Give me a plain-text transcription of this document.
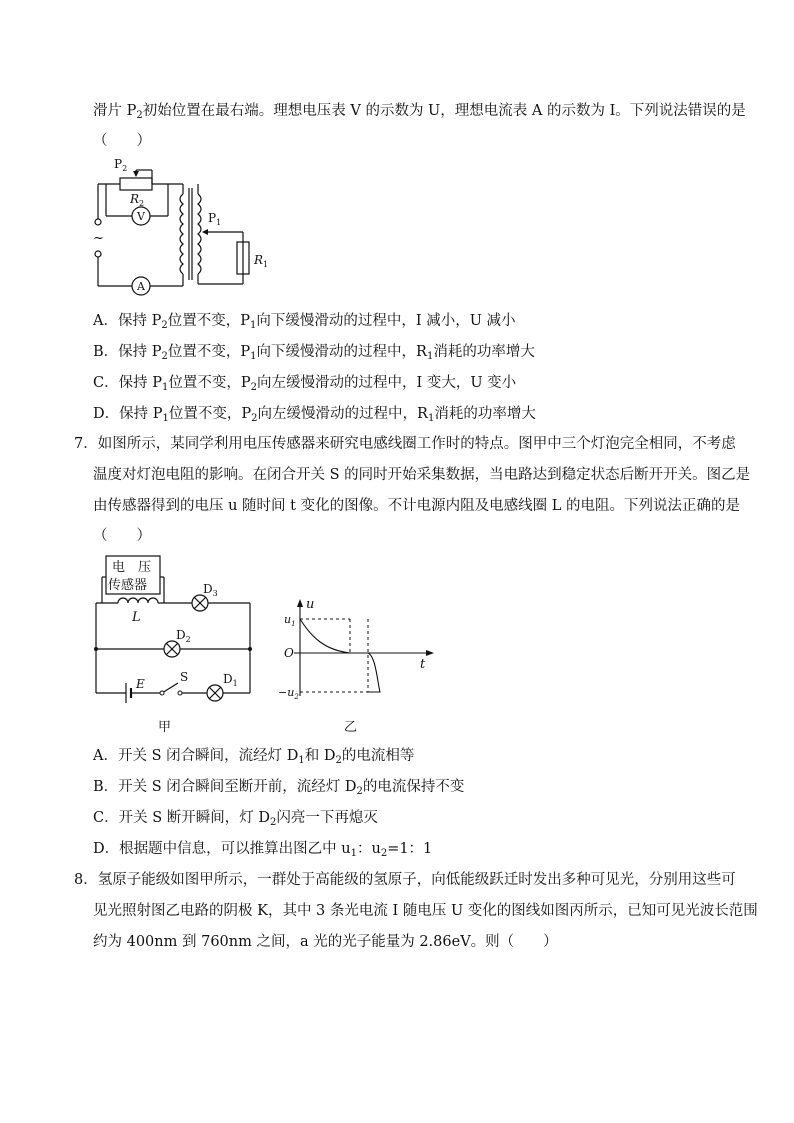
滑片 $P_2$初始位置在最右端。理想电压表 V 的示数为 U，理想电流表 A 的示数为 I。下列说法错误的是
（　　）
$P_2$
$R_2$
V
~
$P_1$
$R_1$
A
A．保持 $P_2$位置不变，$P_1$向下缓慢滑动的过程中，I 减小，U 减小
B．保持 $P_2$位置不变，$P_1$向下缓慢滑动的过程中，$R_1$消耗的功率增大
C．保持 $P_1$位置不变，$P_2$向左缓慢滑动的过程中，I 变大，U 变小
D．保持 $P_1$位置不变，$P_2$向左缓慢滑动的过程中，$R_1$消耗的功率增大
7．如图所示，某同学利用电压传感器来研究电感线圈工作时的特点。图甲中三个灯泡完全相同，不考虑
温度对灯泡电阻的影响。在闭合开关 S 的同时开始采集数据，当电路达到稳定状态后断开开关。图乙是
由传感器得到的电压 u 随时间 t 变化的图像。不计电源内阻及电感线圈 L 的电阻。下列说法正确的是
（　　）
电　压
传感器
L
$D_3$
$D_2$
E	S	$D_1$
甲
u
t
$u_1$
O
$-u_2$
乙
A．开关 S 闭合瞬间，流经灯 $D_1$和 $D_2$的电流相等
B．开关 S 闭合瞬间至断开前，流经灯 $D_2$的电流保持不变
C．开关 S 断开瞬间，灯 $D_2$闪亮一下再熄灭
D．根据题中信息，可以推算出图乙中 $u_1$：$u_2=1$：1
8．氢原子能级如图甲所示，一群处于高能级的氢原子，向低能级跃迁时发出多种可见光，分别用这些可
见光照射图乙电路的阴极 K，其中 3 条光电流 I 随电压 U 变化的图线如图丙所示，已知可见光波长范围
约为 400nm 到 760nm 之间，a 光的光子能量为 2.86eV。则（　　）
